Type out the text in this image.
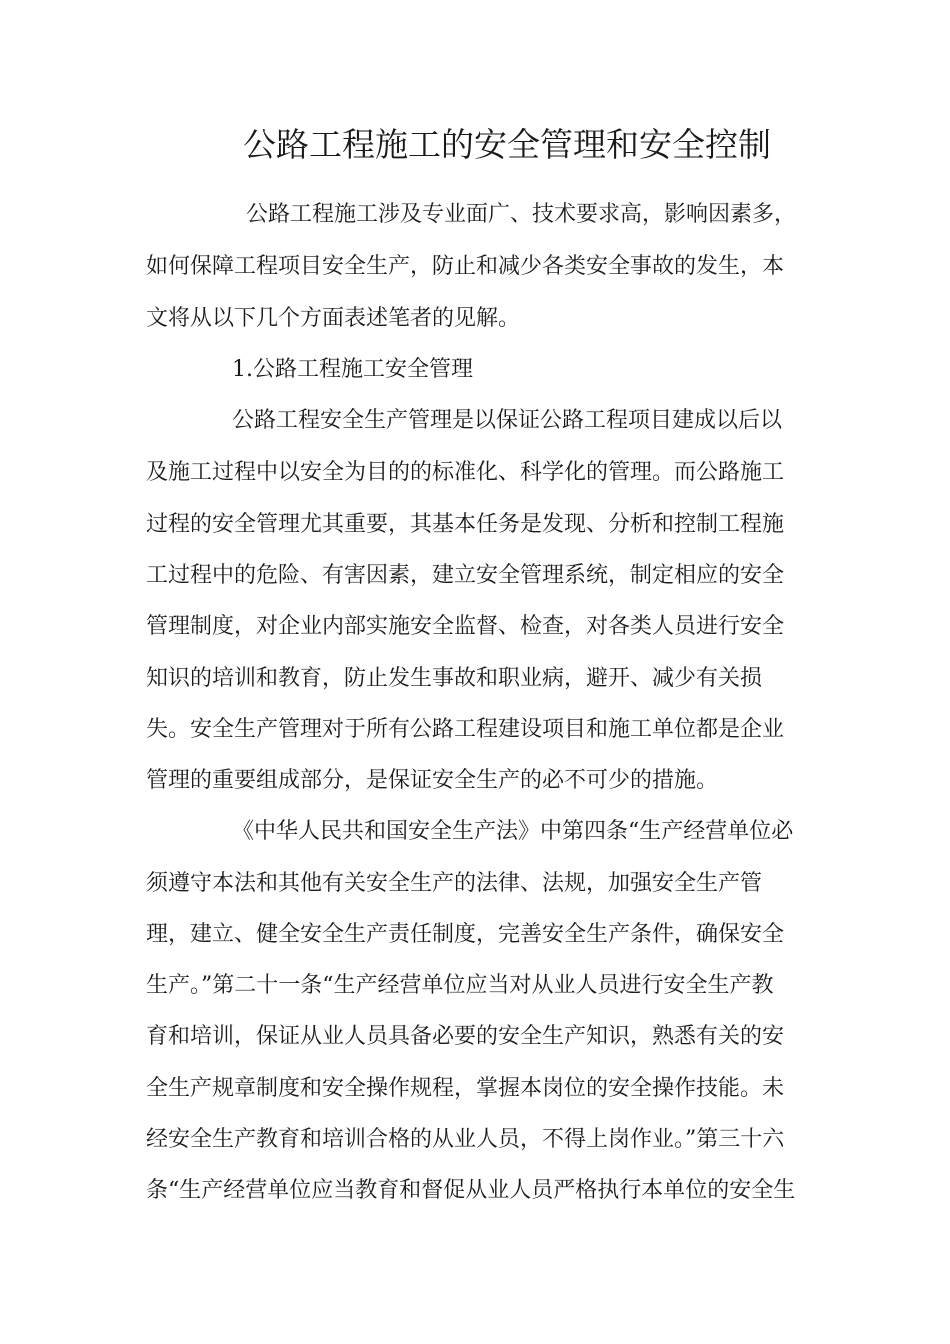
公路工程施工的安全管理和安全控制
公路工程施工涉及专业面广、技术要求高，影响因素多，
如何保障工程项目安全生产，防止和减少各类安全事故的发生，本
文将从以下几个方面表述笔者的见解。
1.公路工程施工安全管理
公路工程安全生产管理是以保证公路工程项目建成以后以
及施工过程中以安全为目的的标准化、科学化的管理。而公路施工
过程的安全管理尤其重要，其基本任务是发现、分析和控制工程施
工过程中的危险、有害因素，建立安全管理系统，制定相应的安全
管理制度，对企业内部实施安全监督、检查，对各类人员进行安全
知识的培训和教育，防止发生事故和职业病，避开、减少有关损
失。安全生产管理对于所有公路工程建设项目和施工单位都是企业
管理的重要组成部分，是保证安全生产的必不可少的措施。
《中华人民共和国安全生产法》中第四条“生产经营单位必
须遵守本法和其他有关安全生产的法律、法规，加强安全生产管
理，建立、健全安全生产责任制度，完善安全生产条件，确保安全
生产。”第二十一条“生产经营单位应当对从业人员进行安全生产教
育和培训，保证从业人员具备必要的安全生产知识，熟悉有关的安
全生产规章制度和安全操作规程，掌握本岗位的安全操作技能。未
经安全生产教育和培训合格的从业人员，不得上岗作业。”第三十六
条“生产经营单位应当教育和督促从业人员严格执行本单位的安全生
